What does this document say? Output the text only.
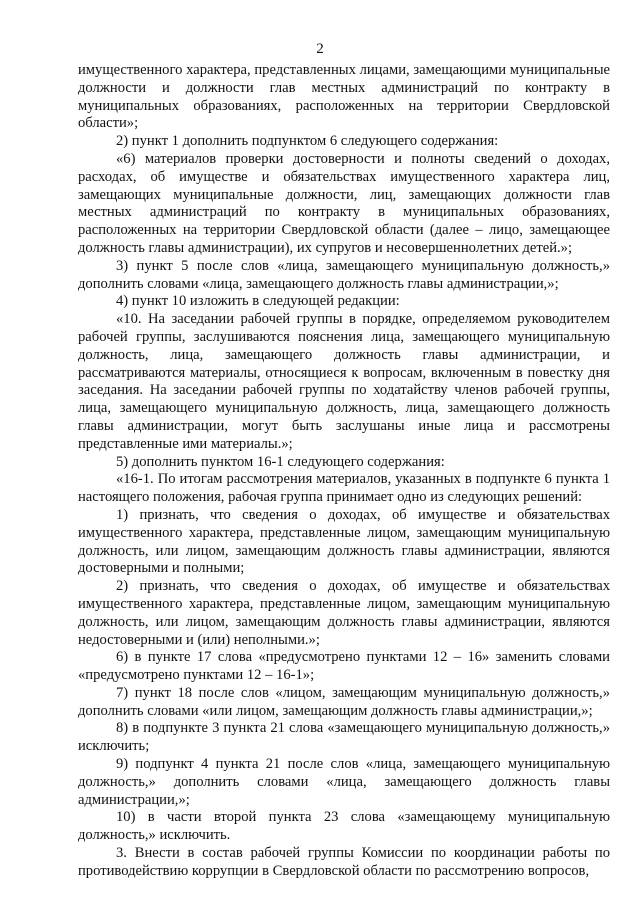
2

имущественного характера, представленных лицами, замещающими муниципальные должности и должности глав местных администраций по контракту в муниципальных образованиях, расположенных на территории Свердловской области»;

2) пункт 1 дополнить подпунктом 6 следующего содержания:

«6) материалов проверки достоверности и полноты сведений о доходах, расходах, об имуществе и обязательствах имущественного характера лиц, замещающих муниципальные должности, лиц, замещающих должности глав местных администраций по контракту в муниципальных образованиях, расположенных на территории Свердловской области (далее – лицо, замещающее должность главы администрации), их супругов и несовершеннолетних детей.»;

3) пункт 5 после слов «лица, замещающего муниципальную должность,» дополнить словами «лица, замещающего должность главы администрации,»;

4) пункт 10 изложить в следующей редакции:

«10. На заседании рабочей группы в порядке, определяемом руководителем рабочей группы, заслушиваются пояснения лица, замещающего муниципальную должность, лица, замещающего должность главы администрации, и рассматриваются материалы, относящиеся к вопросам, включенным в повестку дня заседания. На заседании рабочей группы по ходатайству членов рабочей группы, лица, замещающего муниципальную должность, лица, замещающего должность главы администрации, могут быть заслушаны иные лица и рассмотрены представленные ими материалы.»;

5) дополнить пунктом 16-1 следующего содержания:

«16-1. По итогам рассмотрения материалов, указанных в подпункте 6 пункта 1 настоящего положения, рабочая группа принимает одно из следующих решений:

1) признать, что сведения о доходах, об имуществе и обязательствах имущественного характера, представленные лицом, замещающим муниципальную должность, или лицом, замещающим должность главы администрации, являются достоверными и полными;

2) признать, что сведения о доходах, об имуществе и обязательствах имущественного характера, представленные лицом, замещающим муниципальную должность, или лицом, замещающим должность главы администрации, являются недостоверными и (или) неполными.»;

6) в пункте 17 слова «предусмотрено пунктами 12 – 16» заменить словами «предусмотрено пунктами 12 – 16-1»;

7) пункт 18 после слов «лицом, замещающим муниципальную должность,» дополнить словами «или лицом, замещающим должность главы администрации,»;

8) в подпункте 3 пункта 21 слова «замещающего муниципальную должность,» исключить;

9) подпункт 4 пункта 21 после слов «лица, замещающего муниципальную должность,» дополнить словами «лица, замещающего должность главы администрации,»;

10) в части второй пункта 23 слова «замещающему муниципальную должность,» исключить.

3. Внести в состав рабочей группы Комиссии по координации работы по противодействию коррупции в Свердловской области по рассмотрению вопросов,
